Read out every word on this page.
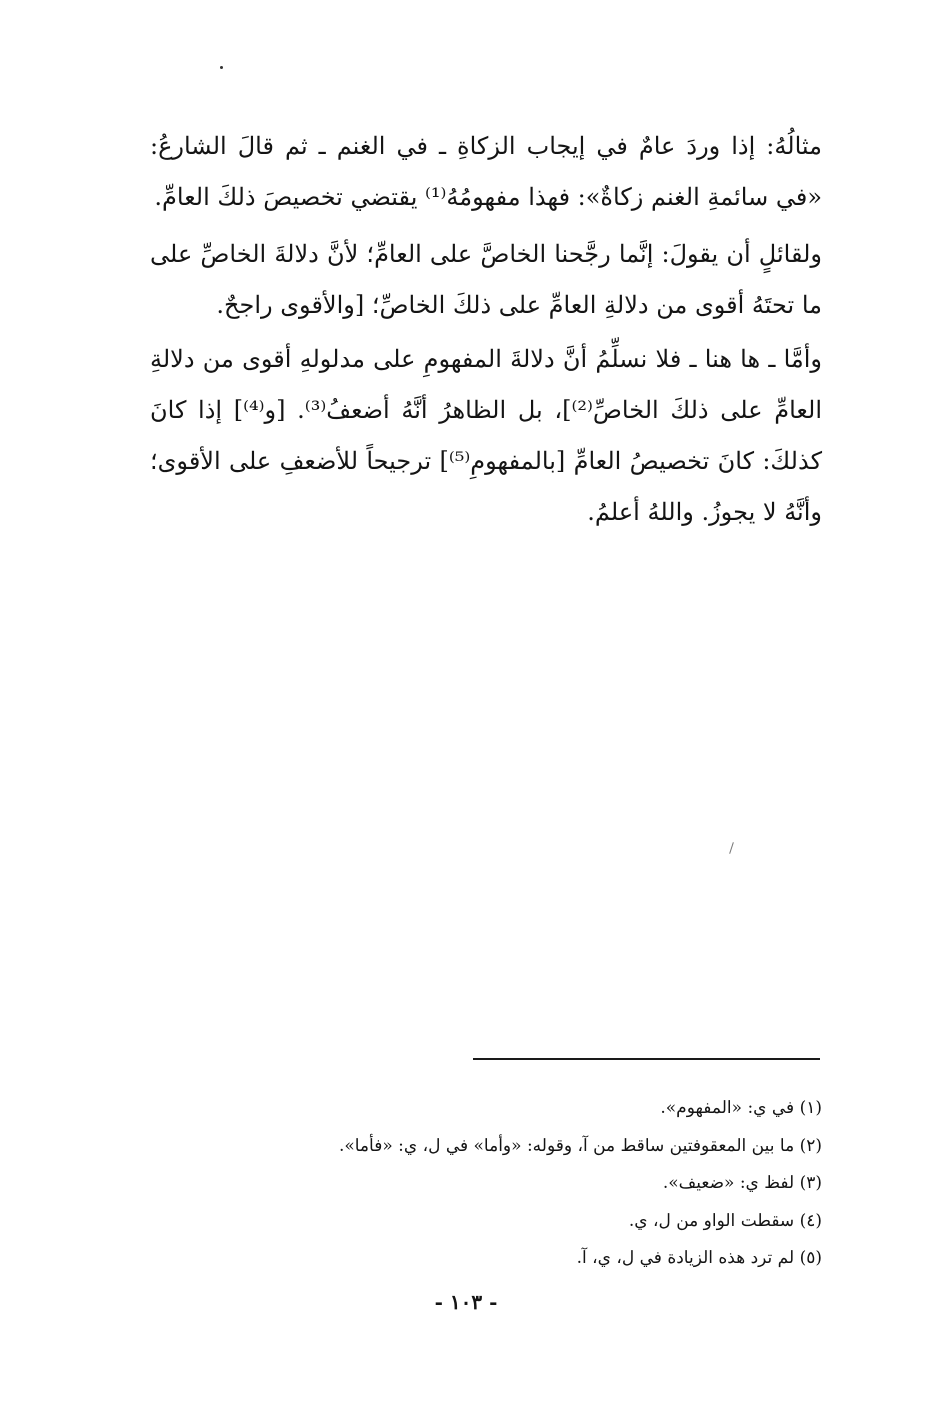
مثالُهُ: إذا وردَ عامٌ في إيجاب الزكاةِ ـ في الغنم ـ ثم قالَ الشارعُ: «في سائمةِ الغنم زكاةٌ»: فهذا مفهومُهُ⁽¹⁾ يقتضي تخصيصَ ذلكَ العامِّ.

ولقائلٍ أن يقولَ: إنَّما رجَّحنا الخاصَّ على العامِّ؛ لأنَّ دلالةَ الخاصِّ على ما تحتَهُ أقوى من دلالةِ العامِّ على ذلكَ الخاصِّ؛ [والأقوى راجحٌ.

وأمَّا ـ ها هنا ـ فلا نسلِّمُ أنَّ دلالةَ المفهومِ على مدلولهِ أقوى من دلالةِ العامِّ على ذلكَ الخاصِّ⁽²⁾]، بل الظاهرُ أنَّهُ أضعفُ⁽³⁾. [و⁽⁴⁾] إذا كانَ كذلكَ: كانَ تخصيصُ العامِّ [بالمفهومِ⁽⁵⁾] ترجيحاً للأضعفِ على الأقوى؛ وأنَّهُ لا يجوزُ. واللهُ أعلمُ.

(١) في ي: «المفهوم».
(٢) ما بين المعقوفتين ساقط من آ، وقوله: «وأما» في ل، ي: «فأما».
(٣) لفظ ي: «ضعيف».
(٤) سقطت الواو من ل، ي.
(٥) لم ترد هذه الزيادة في ل، ي، آ.
- ١٠٣ -
